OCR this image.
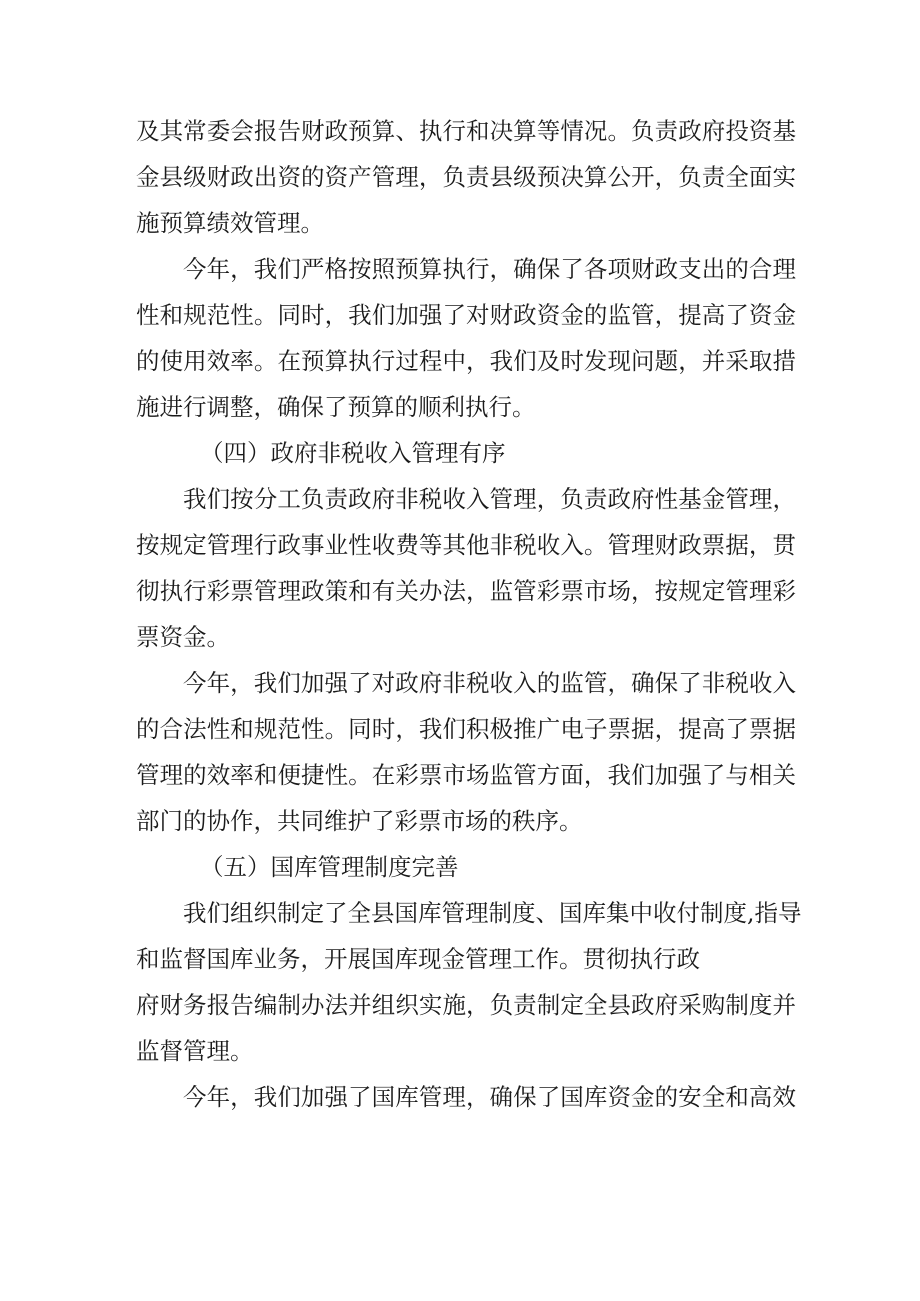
及其常委会报告财政预算、执行和决算等情况。负责政府投资基
金县级财政出资的资产管理，负责县级预决算公开，负责全面实
施预算绩效管理。
今年，我们严格按照预算执行，确保了各项财政支出的合理
性和规范性。同时，我们加强了对财政资金的监管，提高了资金
的使用效率。在预算执行过程中，我们及时发现问题，并采取措
施进行调整，确保了预算的顺利执行。
（四）政府非税收入管理有序
我们按分工负责政府非税收入管理，负责政府性基金管理，
按规定管理行政事业性收费等其他非税收入。管理财政票据，贯
彻执行彩票管理政策和有关办法，监管彩票市场，按规定管理彩
票资金。
今年，我们加强了对政府非税收入的监管，确保了非税收入
的合法性和规范性。同时，我们积极推广电子票据，提高了票据
管理的效率和便捷性。在彩票市场监管方面，我们加强了与相关
部门的协作，共同维护了彩票市场的秩序。
（五）国库管理制度完善
我们组织制定了全县国库管理制度、国库集中收付制度,指导
和监督国库业务，开展国库现金管理工作。贯彻执行政
府财务报告编制办法并组织实施，负责制定全县政府采购制度并
监督管理。
今年，我们加强了国库管理，确保了国库资金的安全和高效
